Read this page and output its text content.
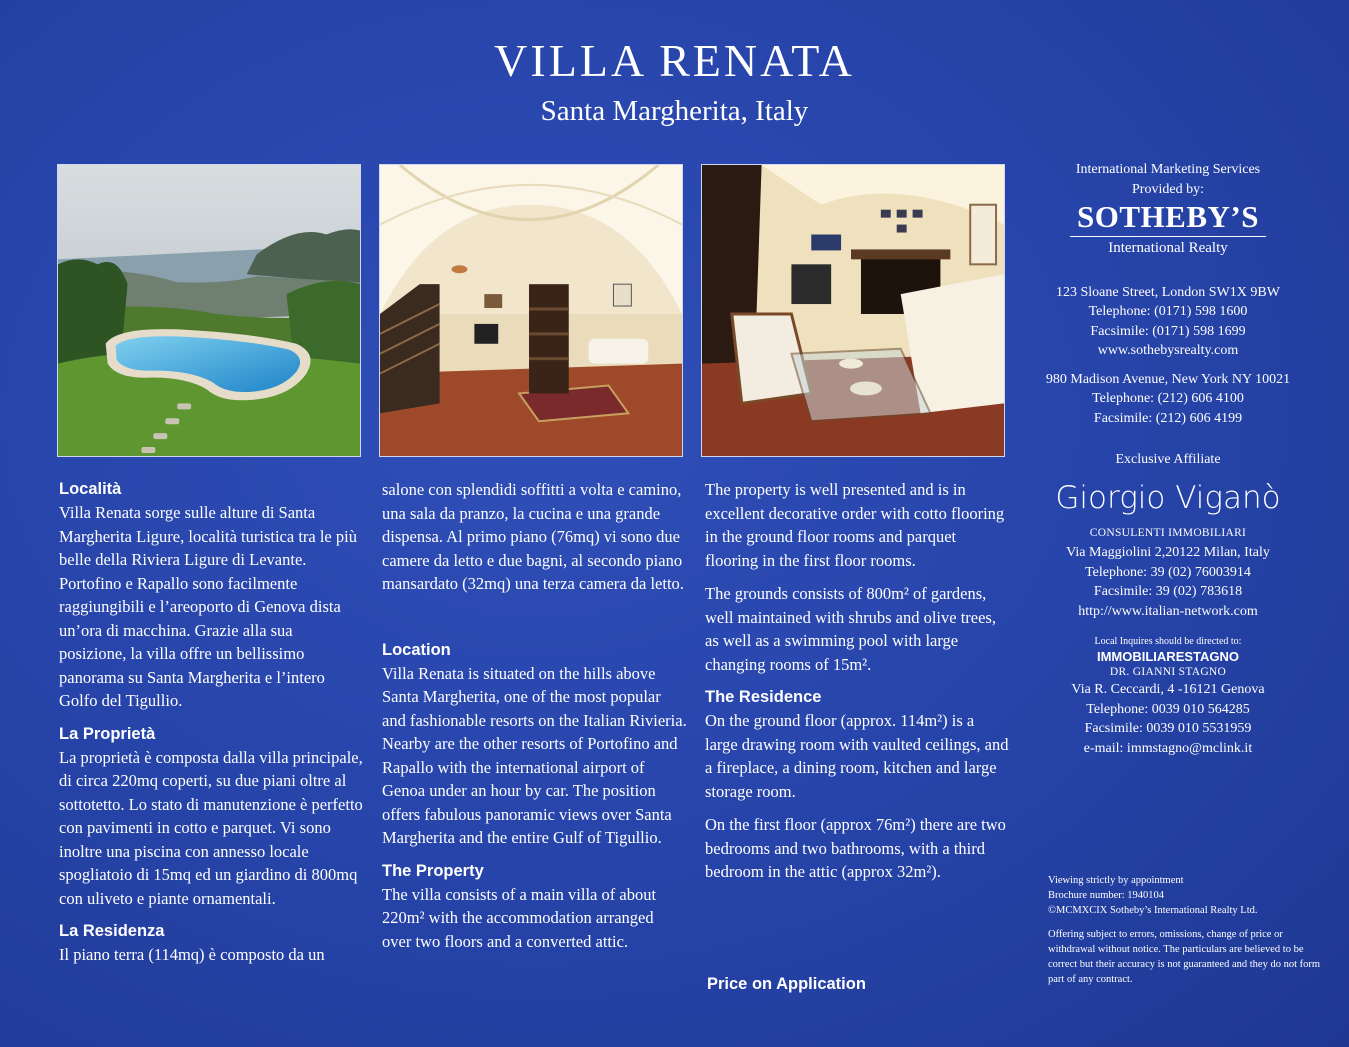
VILLA RENATA
Santa Margherita, Italy
Località

Villa Renata sorge sulle alture di Santa Margherita Ligure, località turistica tra le più belle della Riviera Ligure di Levante. Portofino e Rapallo sono facilmente raggiungibili e l’areoporto di Genova dista un’ora di macchina. Grazie alla sua posizione, la villa offre un bellissimo panorama su Santa Margherita e l’intero Golfo del Tigullio.

La Proprietà

La proprietà è composta dalla villa principale, di circa 220mq coperti, su due piani oltre al sottotetto. Lo stato di manutenzione è perfetto con pavimenti in cotto e parquet. Vi sono inoltre una piscina con annesso locale spogliatoio di 15mq ed un giardino di 800mq con uliveto e piante ornamentali.

La Residenza

Il piano terra (114mq) è composto da un

salone con splendidi soffitti a volta e camino, una sala da pranzo, la cucina e una grande dispensa. Al primo piano (76mq) vi sono due camere da letto e due bagni, al secondo piano mansardato (32mq) una terza camera da letto.

Location

Villa Renata is situated on the hills above Santa Margherita, one of the most popular and fashionable resorts on the Italian Rivieria. Nearby are the other resorts of Portofino and Rapallo with the international airport of Genoa under an hour by car. The position offers fabulous panoramic views over Santa Margherita and the entire Gulf of Tigullio.

The Property

The villa consists of a main villa of about 220m² with the accommodation arranged over two floors and a converted attic.

The property is well presented and is in excellent decorative order with cotto flooring in the ground floor rooms and parquet flooring in the first floor rooms.

The grounds consists of 800m² of gardens, well maintained with shrubs and olive trees, as well as a swimming pool with large changing rooms of 15m².

The Residence

On the ground floor (approx. 114m²) is a large drawing room with vaulted ceilings, and a fireplace, a dining room, kitchen and large storage room.

On the first floor (approx 76m²) there are two bedrooms and two bathrooms, with a third bedroom in the attic (approx 32m²).

Price on Application
International Marketing Services
Provided by:
SOTHEBY’S
International Realty
123 Sloane Street, London SW1X 9BW
Telephone: (0171) 598 1600
Facsimile: (0171) 598 1699
www.sothebysrealty.com
980 Madison Avenue, New York NY 10021
Telephone: (212) 606 4100
Facsimile: (212) 606 4199
Exclusive Affiliate
Giorgio Viganò
CONSULENTI IMMOBILIARI
Via Maggiolini 2,20122 Milan, Italy
Telephone: 39 (02) 76003914
Facsimile: 39 (02) 783618
http://www.italian-network.com
Local Inquires should be directed to:
IMMOBILIARESTAGNO
DR. GIANNI STAGNO
Via R. Ceccardi, 4 -16121 Genova
Telephone: 0039 010 564285
Facsimile: 0039 010 5531959
e-mail: immstagno@mclink.it
Viewing strictly by appointment
Brochure number: 1940104
©MCMXCIX Sotheby’s International Realty Ltd.
Offering subject to errors, omissions, change of price or withdrawal without notice. The particulars are believed to be correct but their accuracy is not guaranteed and they do not form part of any contract.
